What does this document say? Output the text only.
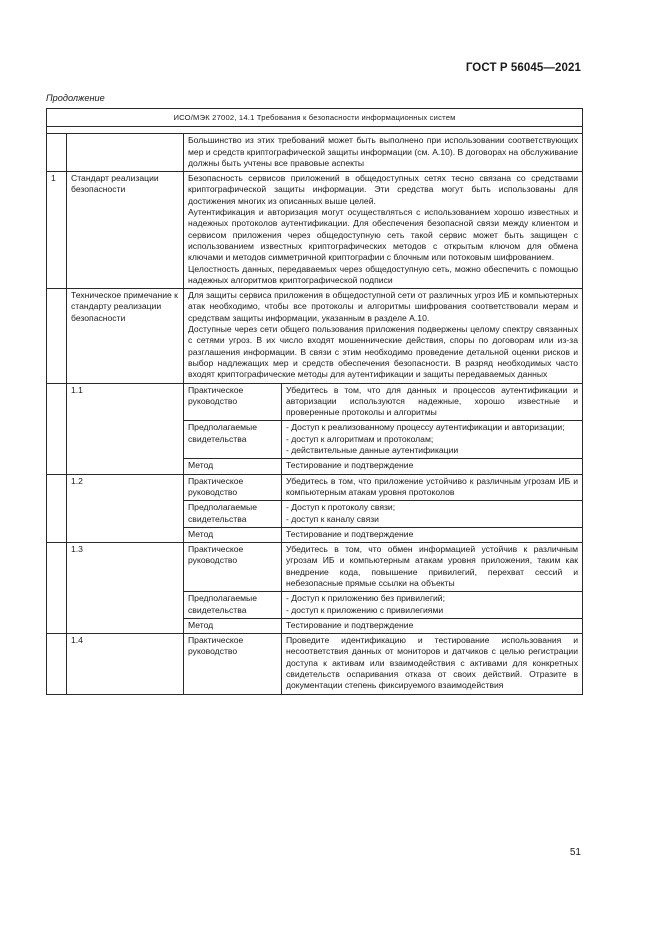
ГОСТ Р 56045—2021
Продолжение
ИСО/МЭК 27002, 14.1 Требования к безопасности информационных систем			

		Большинство из этих требований может быть выполнено при использовании соответствующих мер и средств криптографической защиты информации (см. А.10). В договорах на обслуживание должны быть учтены все правовые аспекты	
1	Стандарт реализации безопасности	Безопасность сервисов приложений в общедоступных сетях тесно связана со средствами криптографической защиты информации. Эти средства могут быть использованы для достижения многих из описанных выше целей.
Аутентификация и авторизация могут осуществляться с использованием хорошо известных и надежных протоколов аутентификации. Для обеспечения безопасной связи между клиентом и сервисом приложения через общедоступную сеть такой сервис может быть защищен с использованием известных криптографических методов с открытым ключом для обмена ключами и методов симметричной криптографии с блочным или потоковым шифрованием.
Целостность данных, передаваемых через общедоступную сеть, можно обеспечить с помощью надежных алгоритмов криптографической подписи	

	Техническое примечание к стандарту реализации безопасности	Для защиты сервиса приложения в общедоступной сети от различных угроз ИБ и компьютерных атак необходимо, чтобы все протоколы и алгоритмы шифрования соответствовали мерам и средствам защиты информации, указанным в разделе А.10.
Доступные через сети общего пользования приложения подвержены целому спектру связанных с сетями угроз. В их число входят мошеннические действия, споры по договорам или из-за разглашения информации. В связи с этим необходимо проведение детальной оценки рисков и выбор надлежащих мер и средств обеспечения безопасности. В разряд необходимых часто входят криптографические методы для аутентификации и защиты передаваемых данных	

	1.1	Практическое руководство	Убедитесь в том, что для данных и процессов аутентификации и авторизации используются надежные, хорошо известные и проверенные протоколы и алгоритмы
		Предполагаемые свидетельства	- Доступ к реализованному процессу аутентификации и авторизации;
- доступ к алгоритмам и протоколам;
- действительные данные аутентификации

		Метод	Тестирование и подтверждение
	1.2	Практическое руководство	Убедитесь в том, что приложение устойчиво к различным угрозам ИБ и компьютерным атакам уровня протоколов
		Предполагаемые свидетельства	- Доступ к протоколу связи;
- доступ к каналу связи

		Метод	Тестирование и подтверждение
	1.3	Практическое руководство	Убедитесь в том, что обмен информацией устойчив к различным угрозам ИБ и компьютерным атакам уровня приложения, таким как внедрение кода, повышение привилегий, перехват сессий и небезопасные прямые ссылки на объекты
		Предполагаемые свидетельства	- Доступ к приложению без привилегий;
- доступ к приложению с привилегиями

		Метод	Тестирование и подтверждение
	1.4	Практическое руководство	Проведите идентификацию и тестирование использования и несоответствия данных от мониторов и датчиков с целью регистрации доступа к активам или взаимодействия с активами для конкретных свидетельств оспаривания отказа от своих действий. Отразите в документации степень фиксируемого взаимодействия
51
